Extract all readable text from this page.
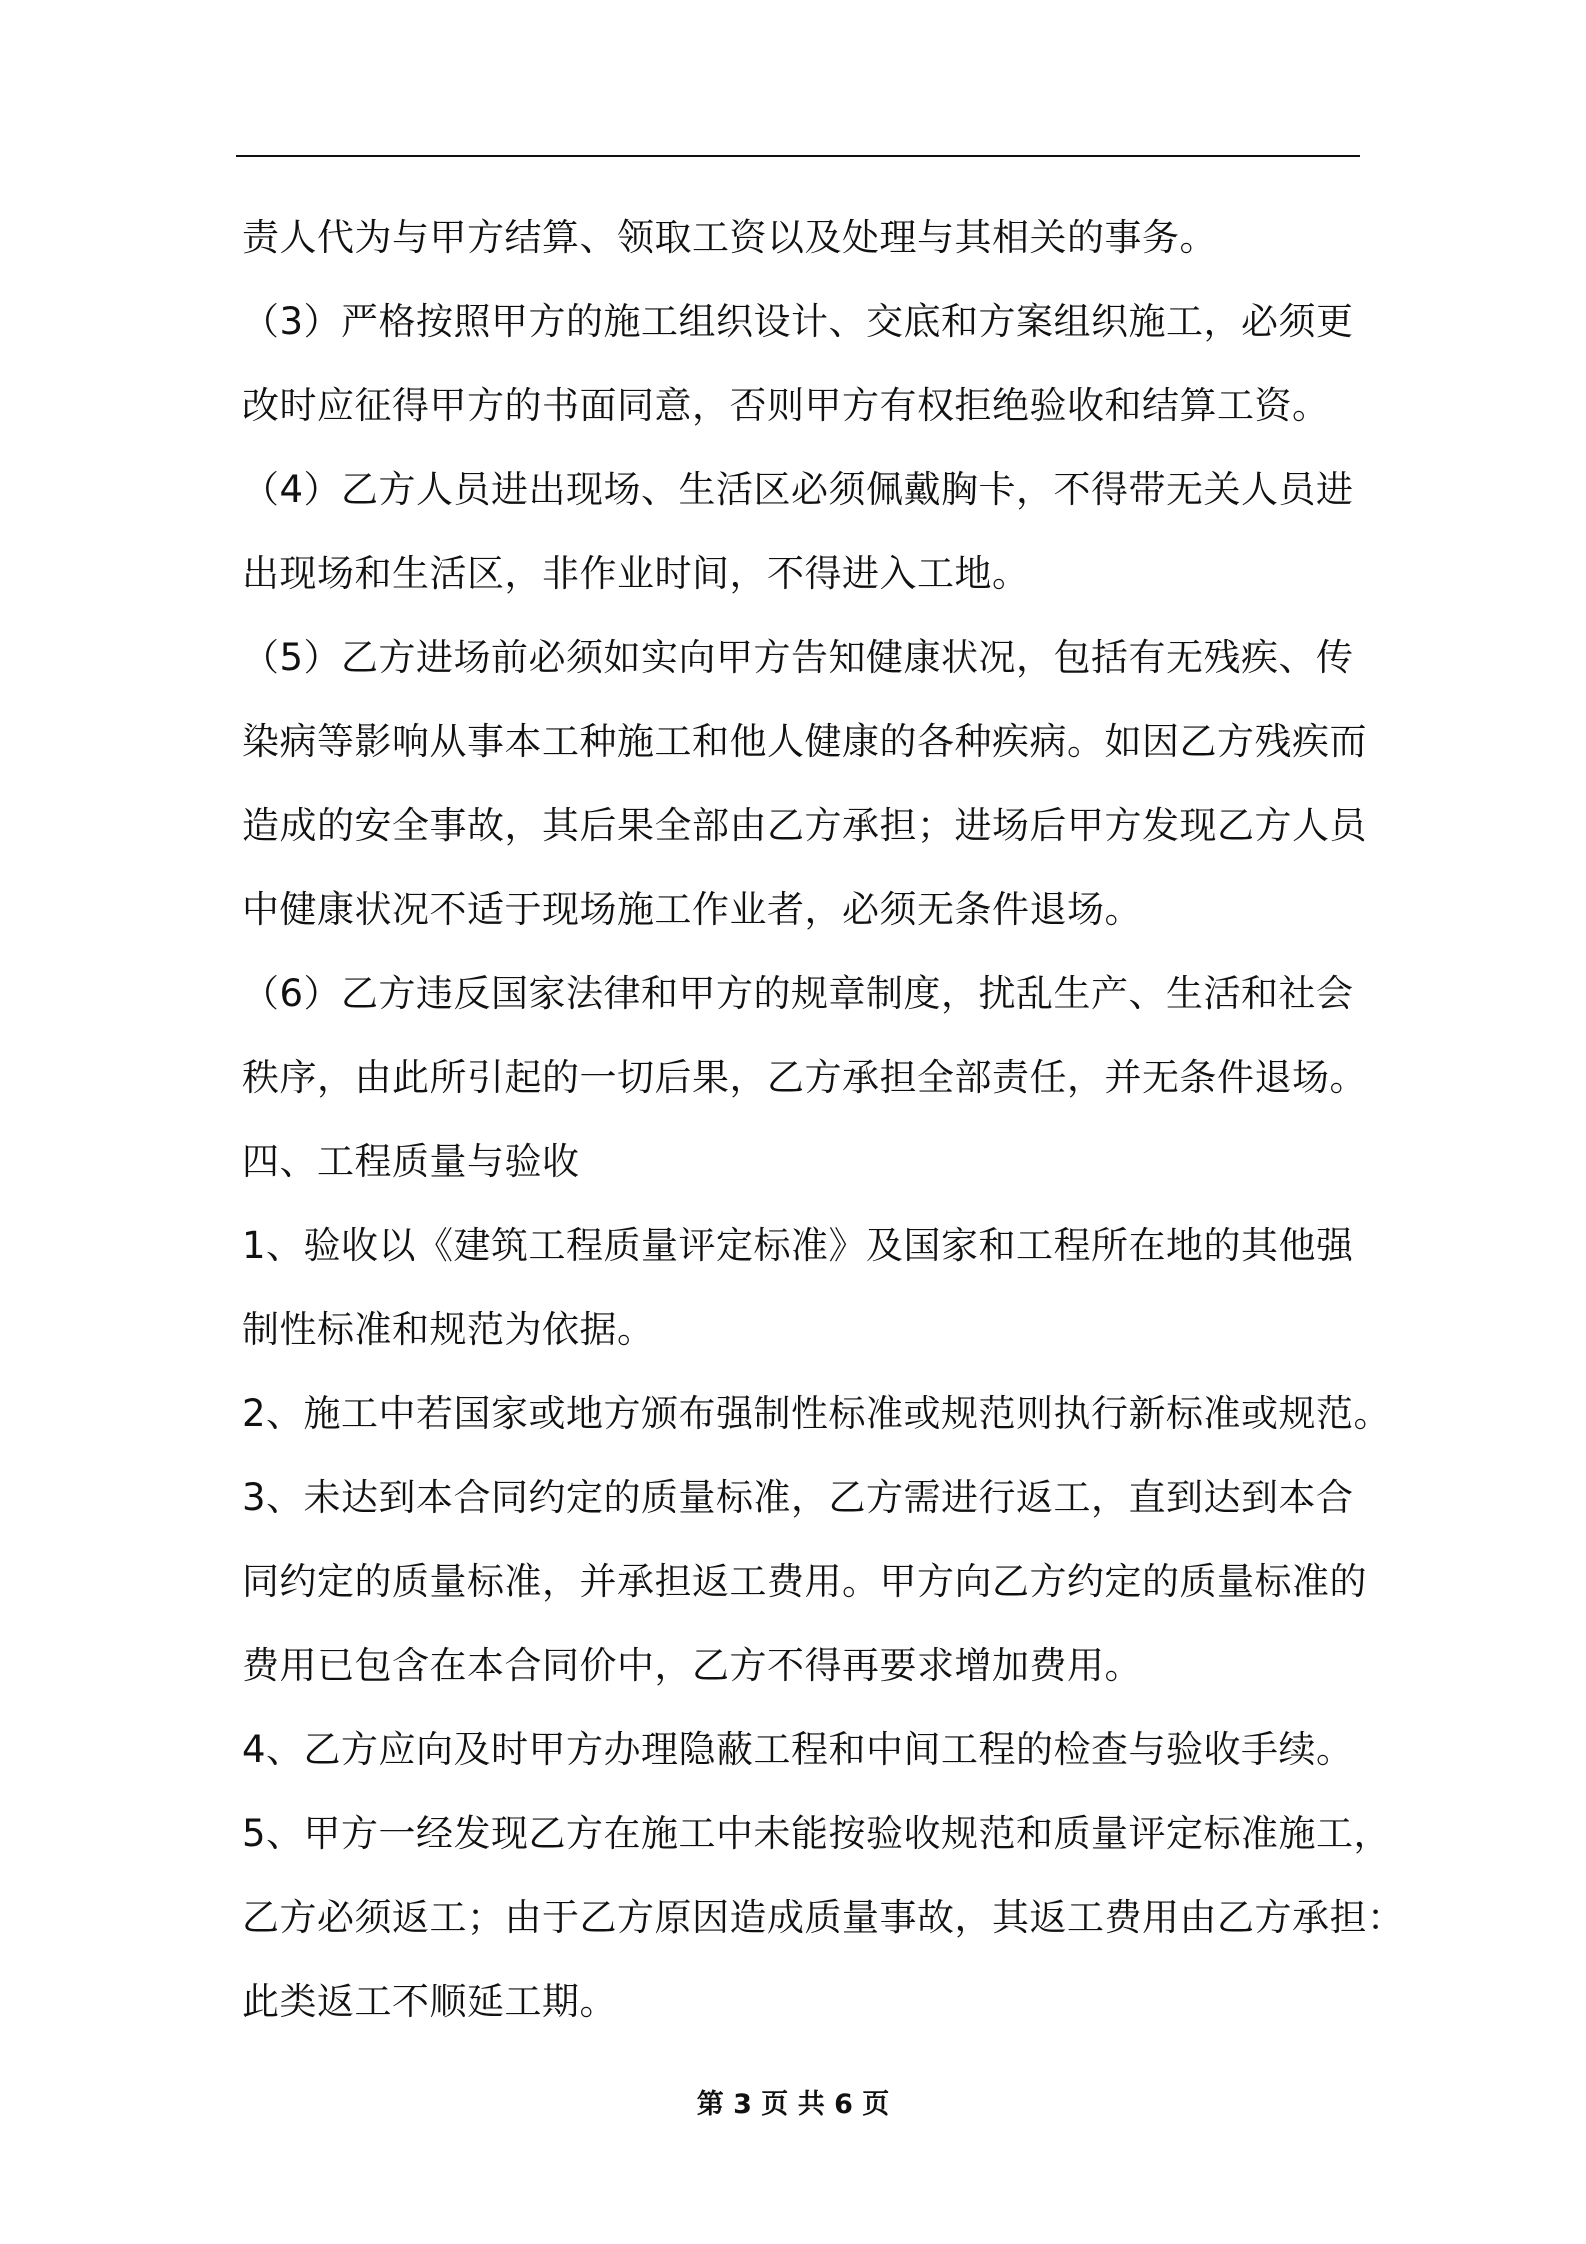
责人代为与甲方结算、领取工资以及处理与其相关的事务。
（3）严格按照甲方的施工组织设计、交底和方案组织施工，必须更
改时应征得甲方的书面同意，否则甲方有权拒绝验收和结算工资。
（4）乙方人员进出现场、生活区必须佩戴胸卡，不得带无关人员进
出现场和生活区，非作业时间，不得进入工地。
（5）乙方进场前必须如实向甲方告知健康状况，包括有无残疾、传
染病等影响从事本工种施工和他人健康的各种疾病。如因乙方残疾而
造成的安全事故，其后果全部由乙方承担；进场后甲方发现乙方人员
中健康状况不适于现场施工作业者，必须无条件退场。
（6）乙方违反国家法律和甲方的规章制度，扰乱生产、生活和社会
秩序，由此所引起的一切后果，乙方承担全部责任，并无条件退场。
四、工程质量与验收
1、验收以《建筑工程质量评定标准》及国家和工程所在地的其他强
制性标准和规范为依据。
2、施工中若国家或地方颁布强制性标准或规范则执行新标准或规范。
3、未达到本合同约定的质量标准，乙方需进行返工，直到达到本合
同约定的质量标准，并承担返工费用。甲方向乙方约定的质量标准的
费用已包含在本合同价中，乙方不得再要求增加费用。
4、乙方应向及时甲方办理隐蔽工程和中间工程的检查与验收手续。
5、甲方一经发现乙方在施工中未能按验收规范和质量评定标准施工，
乙方必须返工；由于乙方原因造成质量事故，其返工费用由乙方承担：
此类返工不顺延工期。
第 3 页 共 6 页
